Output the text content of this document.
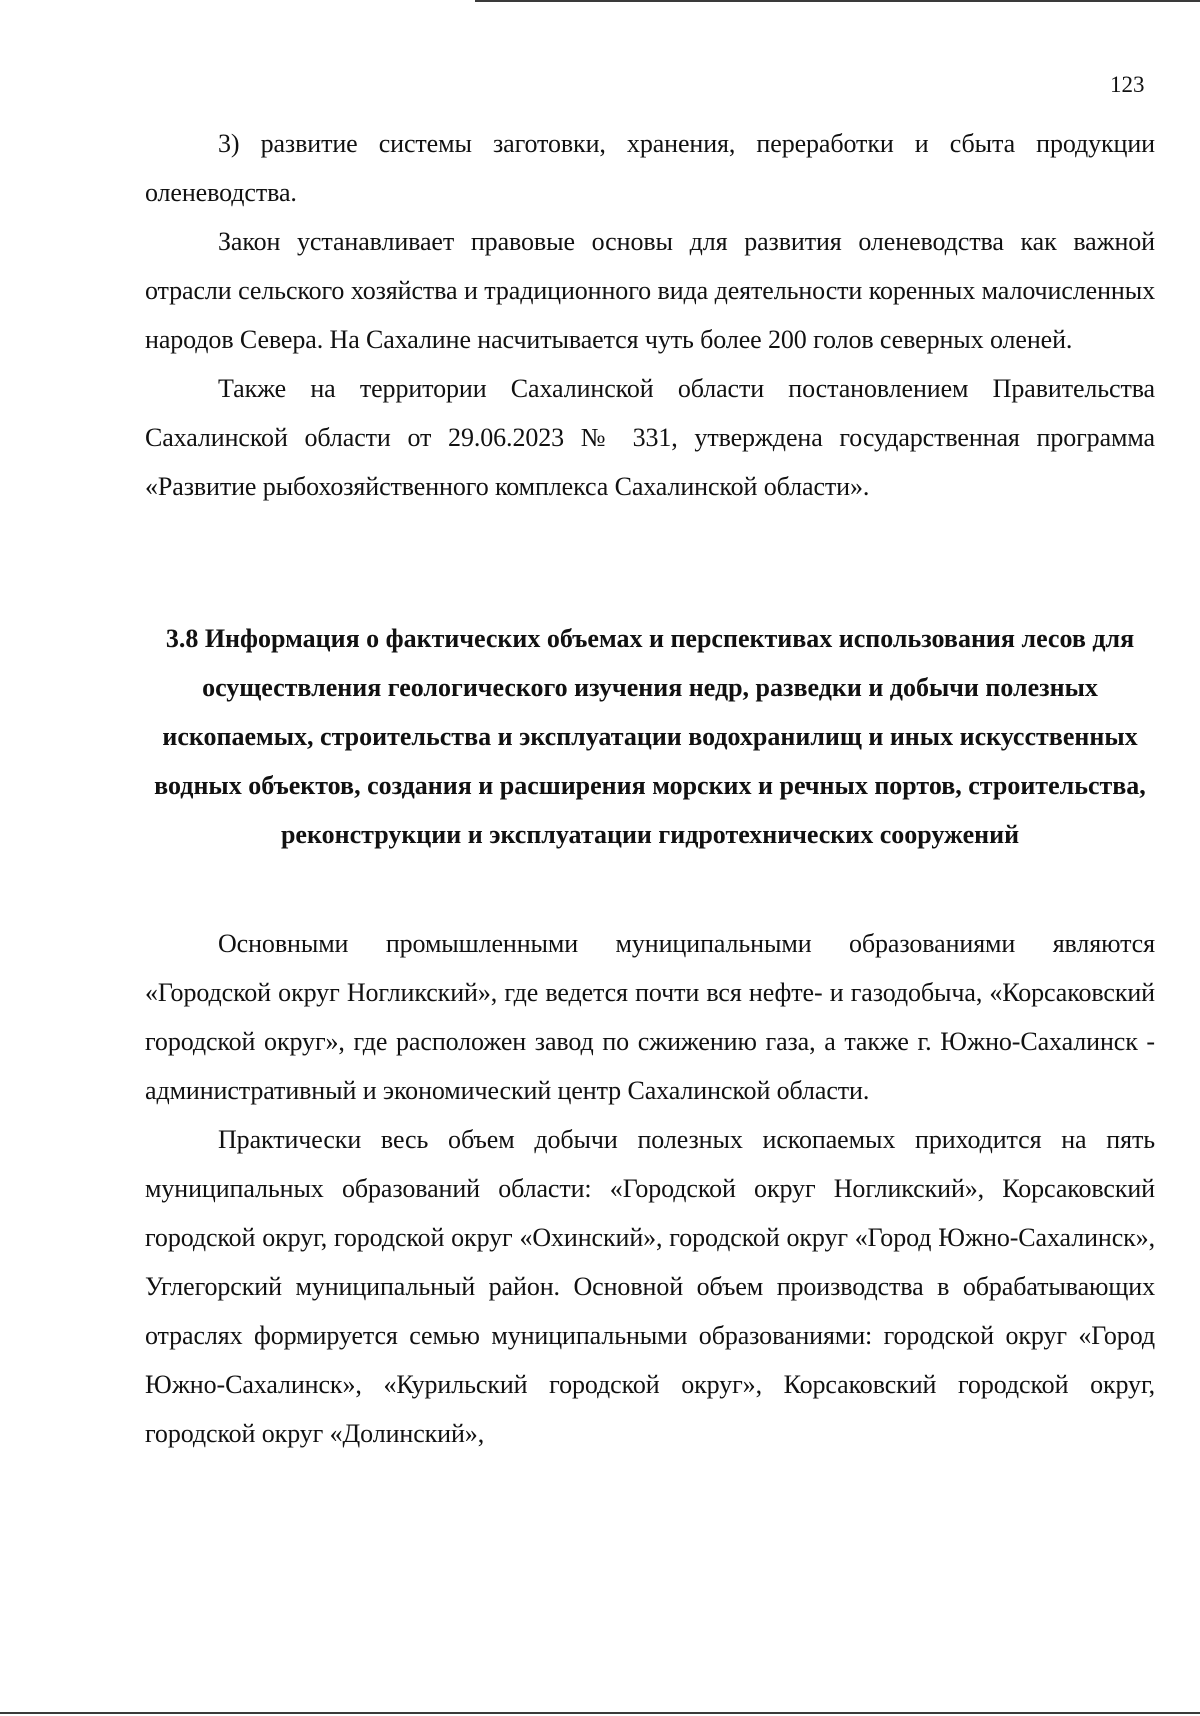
123

3) развитие системы заготовки, хранения, переработки и сбыта продукции оленеводства.

Закон устанавливает правовые основы для развития оленеводства как важной отрасли сельского хозяйства и традиционного вида деятельности коренных малочисленных народов Севера. На Сахалине насчитывается чуть более 200 голов северных оленей.

Также на территории Сахалинской области постановлением Правительства Сахалинской области от 29.06.2023 № 331, утверждена государственная программа «Развитие рыбохозяйственного комплекса Сахалинской области».

3.8 Информация о фактических объемах и перспективах использования лесов для осуществления геологического изучения недр, разведки и добычи полезных ископаемых, строительства и эксплуатации водохранилищ и иных искусственных водных объектов, создания и расширения морских и речных портов, строительства, реконструкции и эксплуатации гидротехнических сооружений

Основными промышленными муниципальными образованиями являются «Городской округ Ногликский», где ведется почти вся нефте- и газодобыча, «Корсаковский городской округ», где расположен завод по сжижению газа, а также г. Южно-Сахалинск - административный и экономический центр Сахалинской области.

Практически весь объем добычи полезных ископаемых приходится на пять муниципальных образований области: «Городской округ Ногликский», Корсаковский городской округ, городской округ «Охинский», городской округ «Город Южно-Сахалинск», Углегорский муниципальный район. Основной объем производства в обрабатывающих отраслях формируется семью муниципальными образованиями: городской округ «Город Южно-Сахалинск», «Курильский городской округ», Корсаковский городской округ, городской округ «Долинский»,
